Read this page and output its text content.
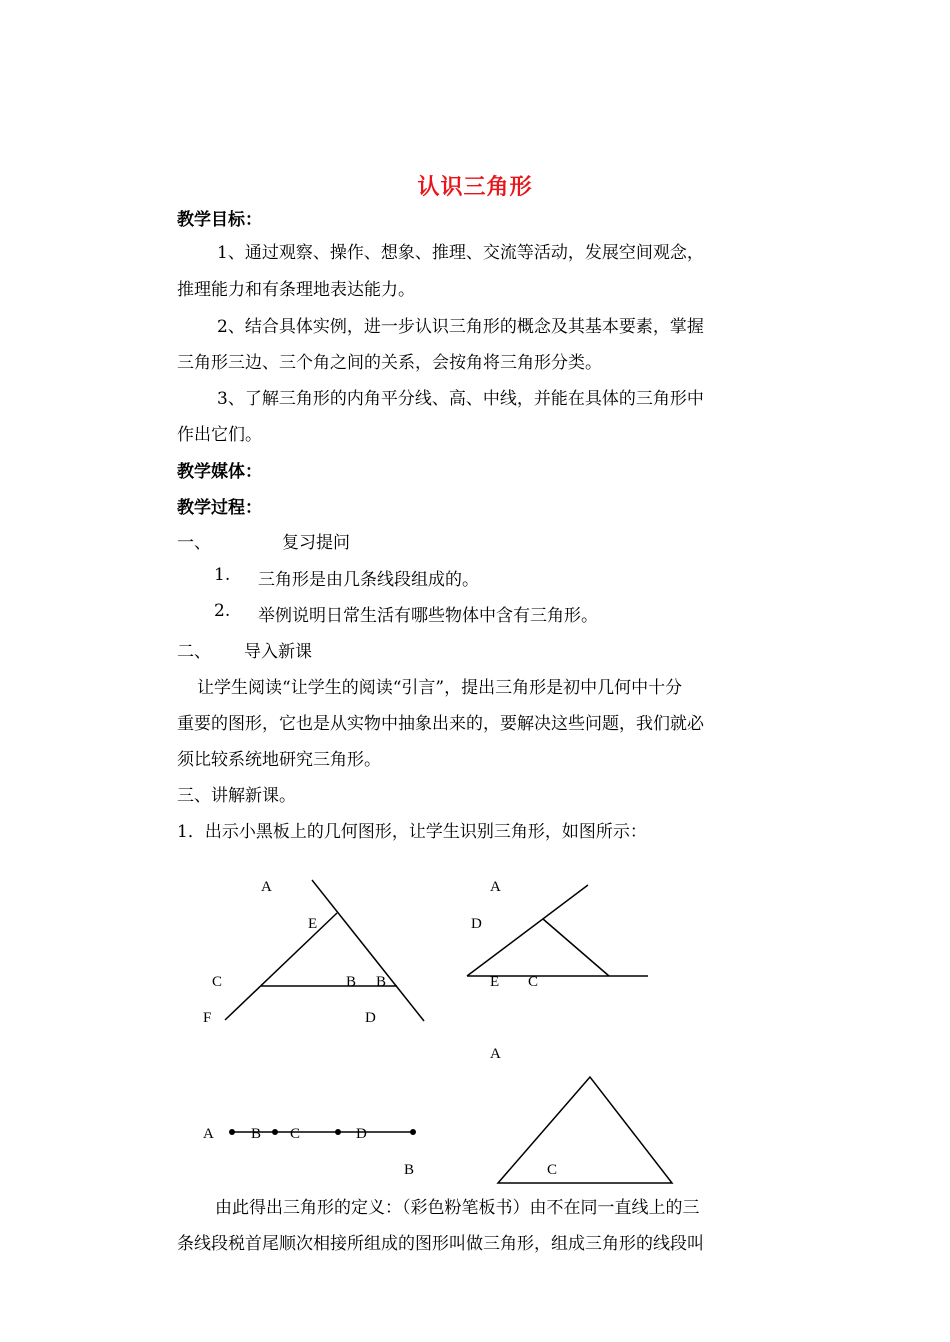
认识三角形
教学目标：
1、通过观察、操作、想象、推理、交流等活动，发展空间观念，
推理能力和有条理地表达能力。
2、结合具体实例，进一步认识三角形的概念及其基本要素，掌握
三角形三边、三个角之间的关系，会按角将三角形分类。
3、了解三角形的内角平分线、高、中线，并能在具体的三角形中
作出它们。
教学媒体：
教学过程：
一、	复习提问
1. 三角形是由几条线段组成的。
2. 举例说明日常生活有哪些物体中含有三角形。
二、 导入新课
让学生阅读“让学生的阅读“引言”，提出三角形是初中几何中十分
重要的图形，它也是从实物中抽象出来的，要解决这些问题，我们就必
须比较系统地研究三角形。
三、讲解新课。
1．出示小黑板上的几何图形，让学生识别三角形，如图所示：
A
E
C	B B
F	D
A
D
E C
A B C	D
B
A
C
由此得出三角形的定义：（彩色粉笔板书）由不在同一直线上的三
条线段税首尾顺次相接所组成的图形叫做三角形，组成三角形的线段叫
